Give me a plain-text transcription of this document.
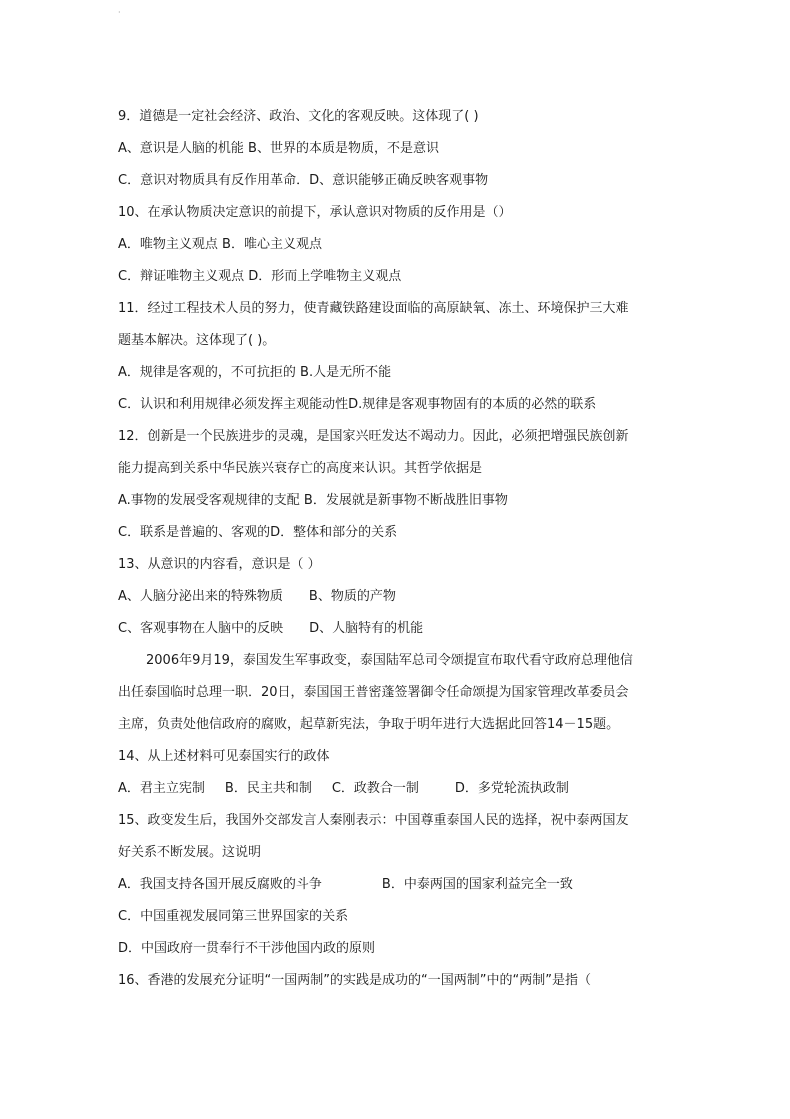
·
9．道德是一定社会经济、政治、文化的客观反映。这体现了( )
A、意识是人脑的机能 B、世界的本质是物质，不是意识
C．意识对物质具有反作用革命．D、意识能够正确反映客观事物
10、在承认物质决定意识的前提下，承认意识对物质的反作用是（）
A．唯物主义观点 B．唯心主义观点
C．辩证唯物主义观点 D．形而上学唯物主义观点
11．经过工程技术人员的努力，使青藏铁路建设面临的高原缺氧、冻土、环境保护三大难
题基本解决。这体现了( )。
A．规律是客观的，不可抗拒的 B.人是无所不能
C．认识和利用规律必须发挥主观能动性D.规律是客观事物固有的本质的必然的联系
12．创新是一个民族进步的灵魂，是国家兴旺发达不竭动力。因此，必须把增强民族创新
能力提高到关系中华民族兴衰存亡的高度来认识。其哲学依据是
A.事物的发展受客观规律的支配 B．发展就是新事物不断战胜旧事物
C．联系是普遍的、客观的D．整体和部分的关系
13、从意识的内容看，意识是（ ）
A、人脑分泌出来的特殊物质 B、物质的产物
C、客观事物在人脑中的反映 D、人脑特有的机能
2006年9月19，泰国发生军事政变，泰国陆军总司令颂提宣布取代看守政府总理他信
出任泰国临时总理一职．20日，泰国国王普密蓬签署御令任命颂提为国家管理改革委员会
主席，负责处他信政府的腐败，起草新宪法，争取于明年进行大选据此回答14－15题。
14、从上述材料可见泰国实行的政体
A．君主立宪制 B．民主共和制 C．政教合一制	D．多党轮流执政制
15、政变发生后，我国外交部发言人秦刚表示：中国尊重泰国人民的选择，祝中泰两国友
好关系不断发展。这说明
A．我国支持各国开展反腐败的斗争	B．中泰两国的国家利益完全一致
C．中国重视发展同第三世界国家的关系
D．中国政府一贯奉行不干涉他国内政的原则
16、香港的发展充分证明“一国两制”的实践是成功的“一国两制”中的“两制”是指（
